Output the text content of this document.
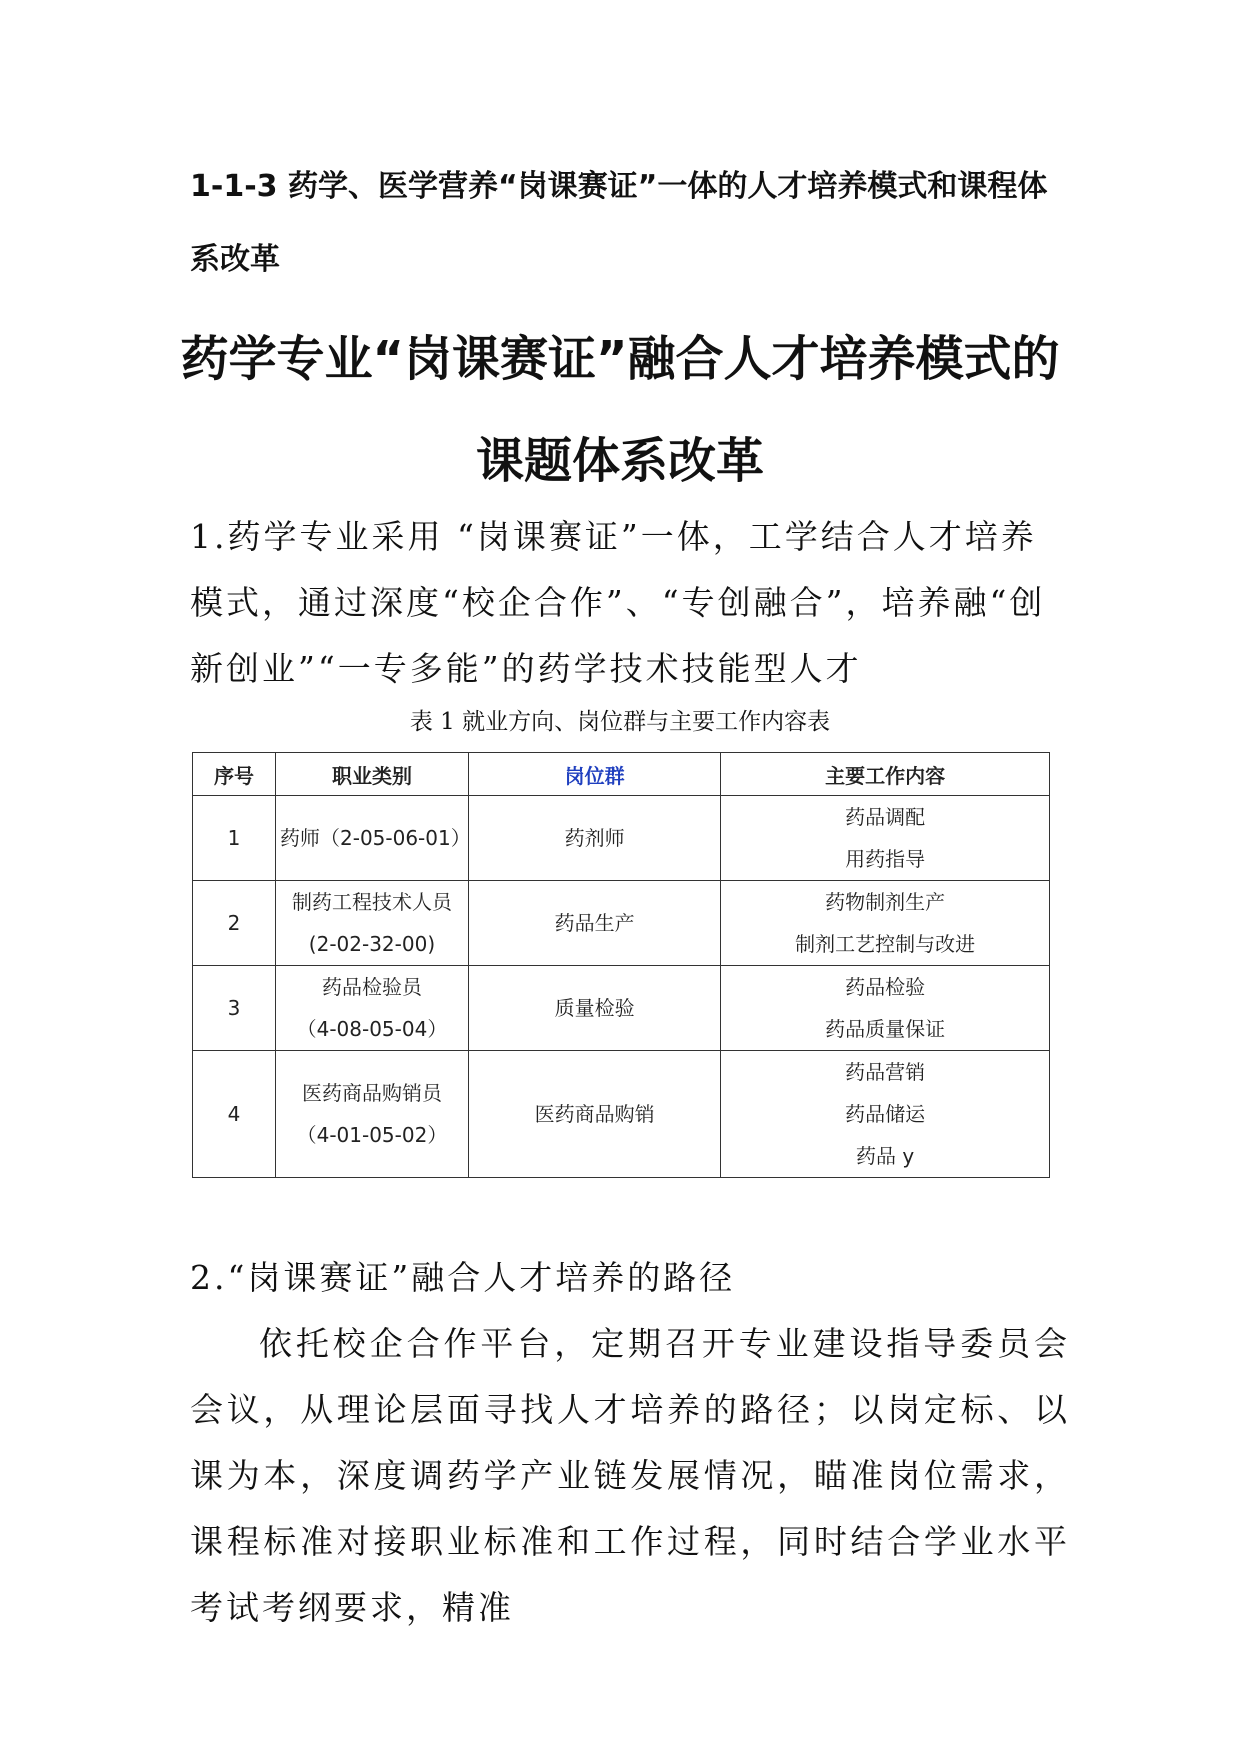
1-1-3 药学、医学营养“岗课赛证”一体的人才培养模式和课程体系改革
药学专业“岗课赛证”融合人才培养模式的
课题体系改革

1.药学专业采用 “岗课赛证”一体，工学结合人才培养模式，通过深度“校企合作”、“专创融合”，培养融“创新创业”“一专多能”的药学技术技能型人才

表 1 就业方向、岗位群与主要工作内容表

序号	职业类别	岗位群	主要工作内容
1	药师（2-05-06-01）	药剂师	药品调配
用药指导

2	制药工程技术人员
(2-02-32-00)	药品生产	药物制剂生产
制剂工艺控制与改进

3	药品检验员
（4-08-05-04）	质量检验	药品检验
药品质量保证

4	医药商品购销员
（4-01-05-02）	医药商品购销	药品营销
药品储运
药品 y

2.“岗课赛证”融合人才培养的路径

依托校企合作平台，定期召开专业建设指导委员会会议，从理论层面寻找人才培养的路径；以岗定标、以课为本，深度调药学产业链发展情况，瞄准岗位需求，课程标准对接职业标准和工作过程，同时结合学业水平考试考纲要求，精准
